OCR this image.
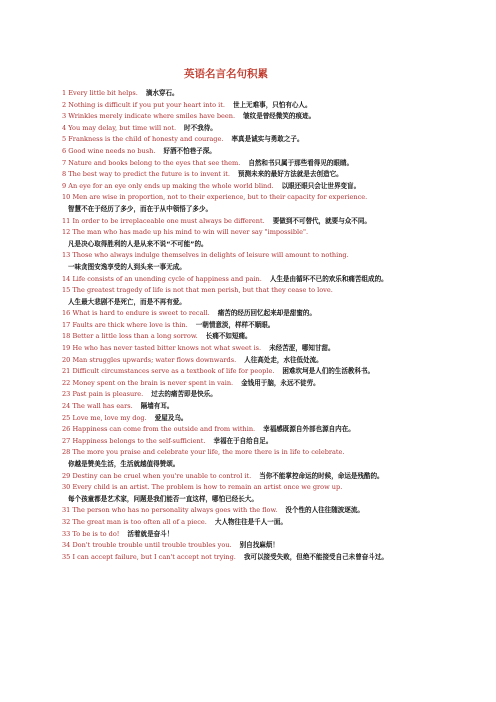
英语名言名句积累
1 Every little bit helps. 滴水穿石。
2 Nothing is difficult if you put your heart into it. 世上无难事，只怕有心人。
3 Wrinkles merely indicate where smiles have been. 皱纹是曾经微笑的痕迹。
4 You may delay, but time will not. 时不我待。
5 Frankness is the child of honesty and courage. 率真是诚实与勇敢之子。
6 Good wine needs no bush. 好酒不怕巷子深。
7 Nature and books belong to the eyes that see them. 自然和书只属于那些看得见的眼睛。
8 The best way to predict the future is to invent it. 预测未来的最好方法就是去创造它。
9 An eye for an eye only ends up making the whole world blind. 以眼还眼只会让世界变盲。
10 Men are wise in proportion, not to their experience, but to their capacity for experience.
智慧不在于经历了多少，而在于从中领悟了多少。
11 In order to be irreplaceable one must always be different. 要做到不可替代，就要与众不同。
12 The man who has made up his mind to win will never say "impossible".
凡是决心取得胜利的人是从来不说“不可能”的。
13 Those who always indulge themselves in delights of leisure will amount to nothing.
一味贪图安逸享受的人到头来一事无成。
14 Life consists of an unending cycle of happiness and pain. 人生是由循环不已的欢乐和痛苦组成的。
15 The greatest tragedy of life is not that men perish, but that they cease to love.
人生最大悲剧不是死亡，而是不再有爱。
16 What is hard to endure is sweet to recall. 痛苦的经历回忆起来却是甜蜜的。
17 Faults are thick where love is thin. 一朝情意淡，样样不顺眼。
18 Better a little loss than a long sorrow. 长痛不如短痛。
19 He who has never tasted bitter knows not what sweet is. 未经苦涩，哪知甘甜。
20 Man struggles upwards; water flows downwards. 人往高处走，水往低处流。
21 Difficult circumstances serve as a textbook of life for people. 困难坎坷是人们的生活教科书。
22 Money spent on the brain is never spent in vain. 金钱用于脑，永远不徒劳。
23 Past pain is pleasure. 过去的痛苦即是快乐。
24 The wall has ears. 隔墙有耳。
25 Love me, love my dog. 爱屋及乌。
26 Happiness can come from the outside and from within. 幸福感既源自外部也源自内在。
27 Happiness belongs to the self-sufficient. 幸福在于自给自足。
28 The more you praise and celebrate your life, the more there is in life to celebrate.
你越是赞美生活，生活就越值得赞颂。
29 Destiny can be cruel when you're unable to control it. 当你不能掌控命运的时候，命运是残酷的。
30 Every child is an artist. The problem is how to remain an artist once we grow up.
每个孩童都是艺术家，问题是我们能否一直这样，哪怕已经长大。
31 The person who has no personality always goes with the flow. 没个性的人往往随波逐流。
32 The great man is too often all of a piece. 大人物往往是千人一面。
33 To be is to do! 活着就是奋斗！
34 Don't trouble trouble until trouble troubles you. 别自找麻烦！
35 I can accept failure, but I can't accept not trying. 我可以接受失败，但绝不能接受自己未曾奋斗过。
